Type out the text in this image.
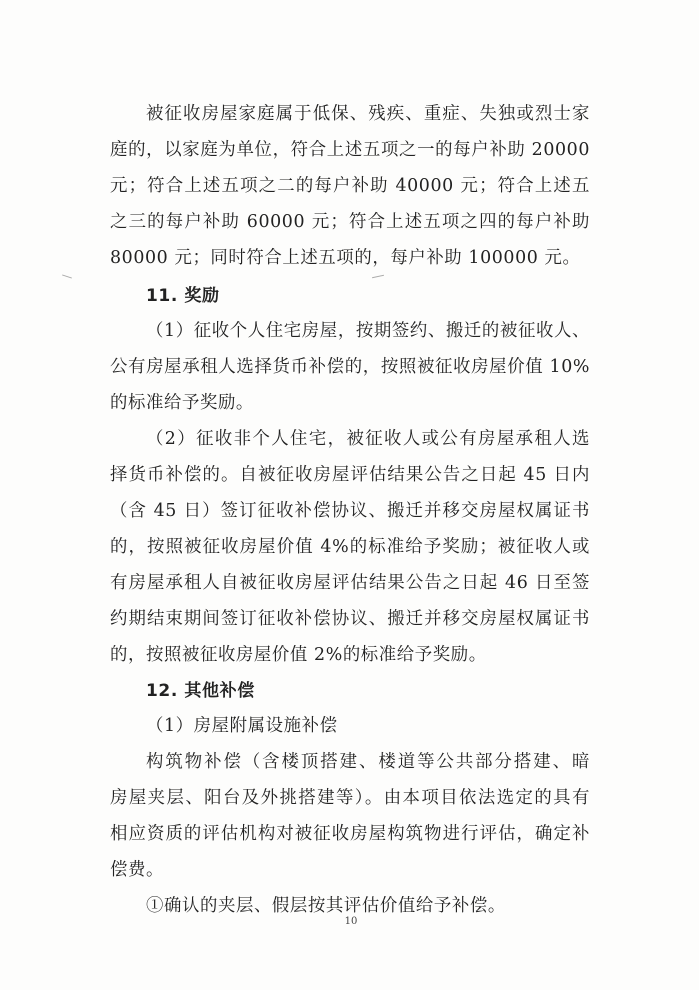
被征收房屋家庭属于低保、残疾、重症、失独或烈士家
庭的，以家庭为单位，符合上述五项之一的每户补助 20000
元；符合上述五项之二的每户补助 40000 元；符合上述五
之三的每户补助 60000 元；符合上述五项之四的每户补助
80000 元；同时符合上述五项的，每户补助 100000 元。
11. 奖励
（1）征收个人住宅房屋，按期签约、搬迁的被征收人、
公有房屋承租人选择货币补偿的，按照被征收房屋价值 10%
的标准给予奖励。
（2）征收非个人住宅，被征收人或公有房屋承租人选
择货币补偿的。自被征收房屋评估结果公告之日起 45 日内
（含 45 日）签订征收补偿协议、搬迁并移交房屋权属证书
的，按照被征收房屋价值 4%的标准给予奖励；被征收人或
有房屋承租人自被征收房屋评估结果公告之日起 46 日至签
约期结束期间签订征收补偿协议、搬迁并移交房屋权属证书
的，按照被征收房屋价值 2%的标准给予奖励。
12. 其他补偿
（1）房屋附属设施补偿
构筑物补偿（含楼顶搭建、楼道等公共部分搭建、暗
房屋夹层、阳台及外挑搭建等）。由本项目依法选定的具有
相应资质的评估机构对被征收房屋构筑物进行评估，确定补
偿费。
①确认的夹层、假层按其评估价值给予补偿。
10
